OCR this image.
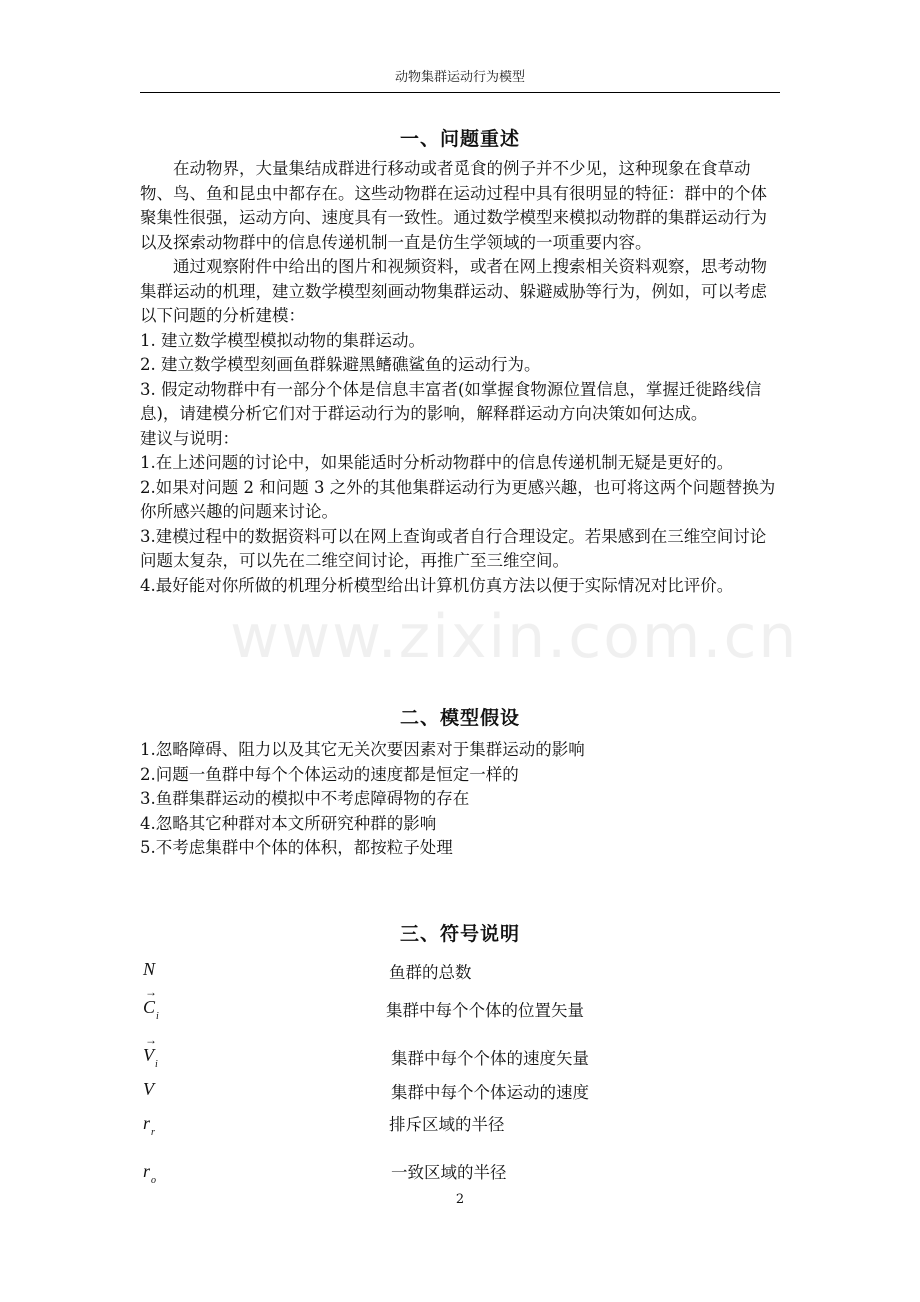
动物集群运动行为模型
www.zixin.com.cn
一、问题重述

在动物界，大量集结成群进行移动或者觅食的例子并不少见，这种现象在食草动物、鸟、鱼和昆虫中都存在。这些动物群在运动过程中具有很明显的特征：群中的个体聚集性很强，运动方向、速度具有一致性。通过数学模型来模拟动物群的集群运动行为以及探索动物群中的信息传递机制一直是仿生学领域的一项重要内容。

通过观察附件中给出的图片和视频资料，或者在网上搜索相关资料观察，思考动物集群运动的机理，建立数学模型刻画动物集群运动、躲避威胁等行为，例如，可以考虑以下问题的分析建模：

1. 建立数学模型模拟动物的集群运动。

2. 建立数学模型刻画鱼群躲避黑鳍礁鲨鱼的运动行为。

3. 假定动物群中有一部分个体是信息丰富者(如掌握食物源位置信息，掌握迁徙路线信息)，请建模分析它们对于群运动行为的影响，解释群运动方向决策如何达成。

建议与说明：

1.在上述问题的讨论中，如果能适时分析动物群中的信息传递机制无疑是更好的。

2.如果对问题 2 和问题 3 之外的其他集群运动行为更感兴趣，也可将这两个问题替换为你所感兴趣的问题来讨论。

3.建模过程中的数据资料可以在网上查询或者自行合理设定。若果感到在三维空间讨论问题太复杂，可以先在二维空间讨论，再推广至三维空间。

4.最好能对你所做的机理分析模型给出计算机仿真方法以便于实际情况对比评价。

二、模型假设

1.忽略障碍、阻力以及其它无关次要因素对于集群运动的影响

2.问题一鱼群中每个个体运动的速度都是恒定一样的

3.鱼群集群运动的模拟中不考虑障碍物的存在

4.忽略其它种群对本文所研究种群的影响

5.不考虑集群中个体的体积，都按粒子处理

三、符号说明
N	鱼群的总数
→
$C_i$	集群中每个个体的位置矢量
→
$V_i$	集群中每个个体的速度矢量
V	集群中每个个体运动的速度
$r_r$	排斥区域的半径
$r_o$	一致区域的半径
2
